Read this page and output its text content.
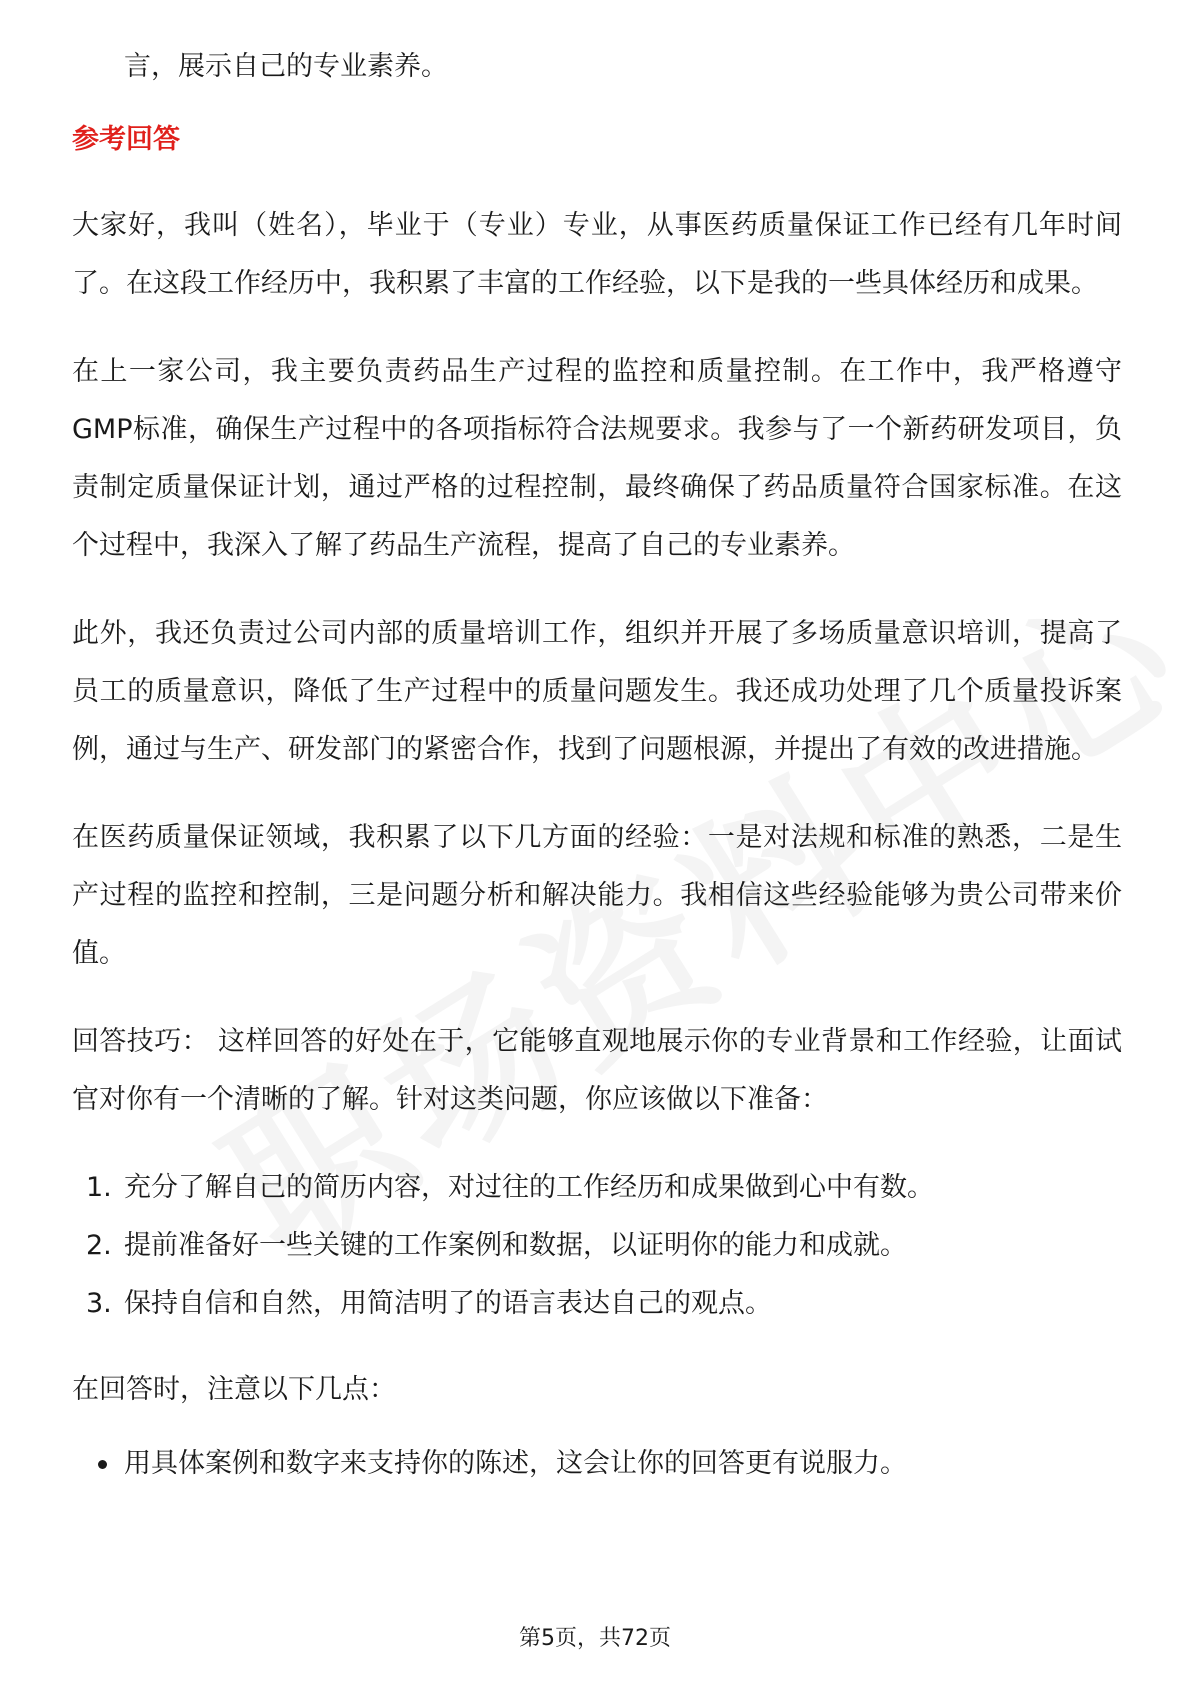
言，展示自己的专业素养。

参考回答

大家好，我叫（姓名），毕业于（专业）专业，从事医药质量保证工作已经有几年时间了。在这段工作经历中，我积累了丰富的工作经验，以下是我的一些具体经历和成果。

在上一家公司，我主要负责药品生产过程的监控和质量控制。在工作中，我严格遵守GMP标准，确保生产过程中的各项指标符合法规要求。我参与了一个新药研发项目，负责制定质量保证计划，通过严格的过程控制，最终确保了药品质量符合国家标准。在这个过程中，我深入了解了药品生产流程，提高了自己的专业素养。

此外，我还负责过公司内部的质量培训工作，组织并开展了多场质量意识培训，提高了员工的质量意识，降低了生产过程中的质量问题发生。我还成功处理了几个质量投诉案例，通过与生产、研发部门的紧密合作，找到了问题根源，并提出了有效的改进措施。

在医药质量保证领域，我积累了以下几方面的经验：一是对法规和标准的熟悉，二是生产过程的监控和控制，三是问题分析和解决能力。我相信这些经验能够为贵公司带来价值。

回答技巧： 这样回答的好处在于，它能够直观地展示你的专业背景和工作经验，让面试官对你有一个清晰的了解。针对这类问题，你应该做以下准备：

1. 充分了解自己的简历内容，对过往的工作经历和成果做到心中有数。
2. 提前准备好一些关键的工作案例和数据，以证明你的能力和成就。
3. 保持自信和自然，用简洁明了的语言表达自己的观点。

在回答时，注意以下几点：

用具体案例和数字来支持你的陈述，这会让你的回答更有说服力。
第5页，共72页
